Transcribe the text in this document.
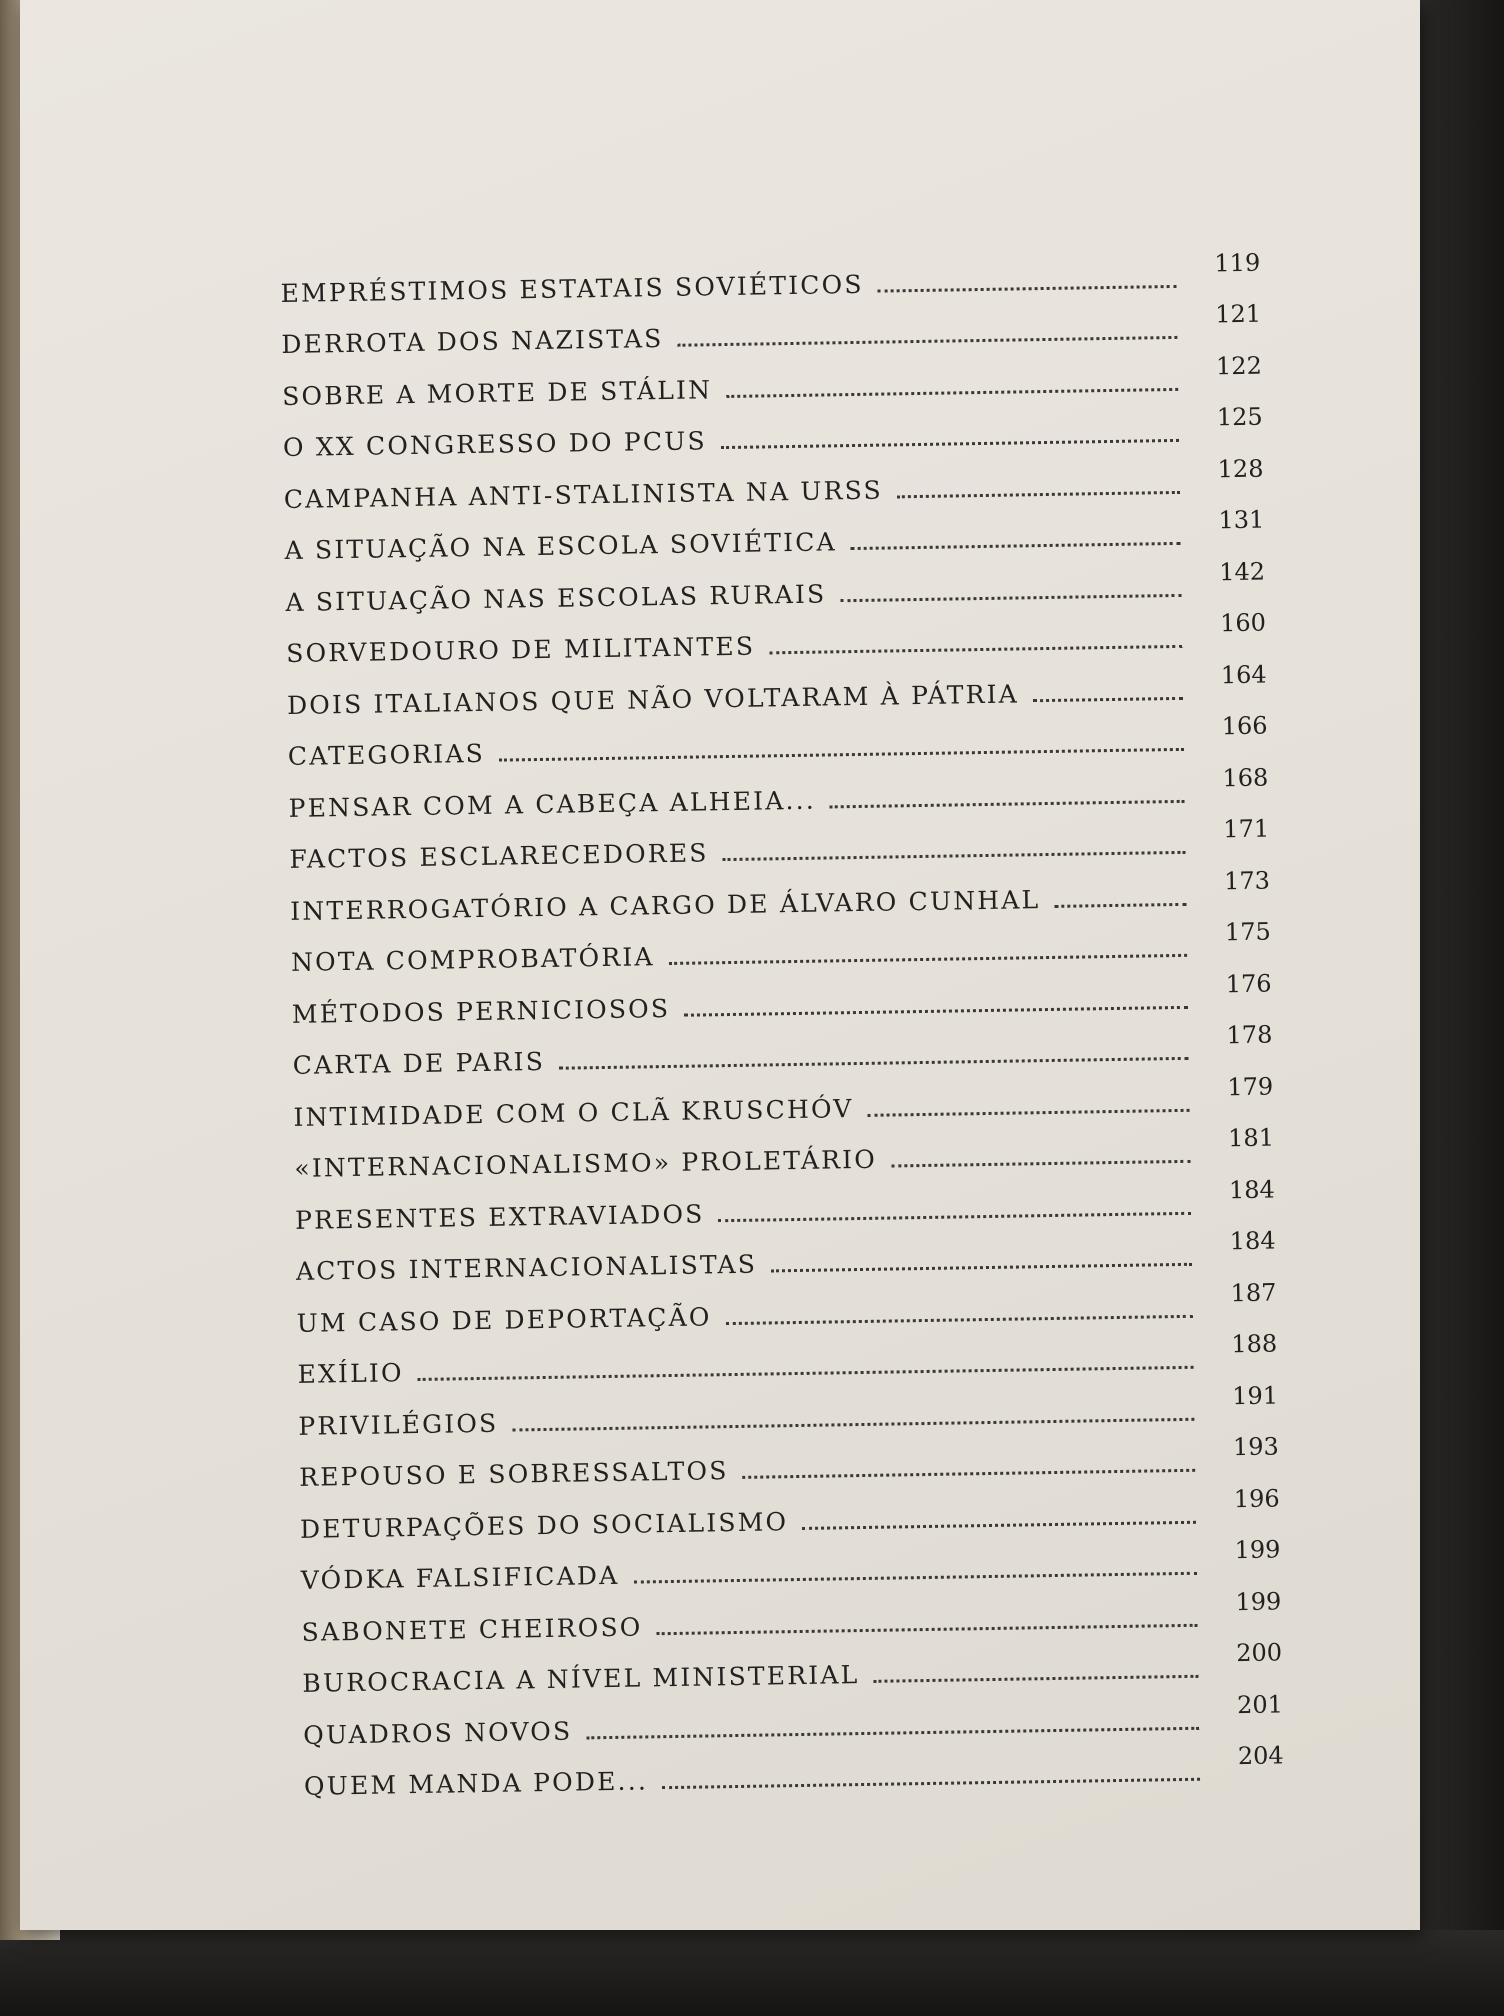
EMPRÉSTIMOS ESTATAIS SOVIÉTICOS
119
DERROTA DOS NAZISTAS
121
SOBRE A MORTE DE STÁLIN
122
O XX CONGRESSO DO PCUS
125
CAMPANHA ANTI-STALINISTA NA URSS
128
A SITUAÇÃO NA ESCOLA SOVIÉTICA
131
A SITUAÇÃO NAS ESCOLAS RURAIS
142
SORVEDOURO DE MILITANTES
160
DOIS ITALIANOS QUE NÃO VOLTARAM À PÁTRIA
164
CATEGORIAS
166
PENSAR COM A CABEÇA ALHEIA...
168
FACTOS ESCLARECEDORES
171
INTERROGATÓRIO A CARGO DE ÁLVARO CUNHAL
173
NOTA COMPROBATÓRIA
175
MÉTODOS PERNICIOSOS
176
CARTA DE PARIS
178
INTIMIDADE COM O CLÃ KRUSCHÓV
179
«INTERNACIONALISMO» PROLETÁRIO
181
PRESENTES EXTRAVIADOS
184
ACTOS INTERNACIONALISTAS
184
UM CASO DE DEPORTAÇÃO
187
EXÍLIO
188
PRIVILÉGIOS
191
REPOUSO E SOBRESSALTOS
193
DETURPAÇÕES DO SOCIALISMO
196
VÓDKA FALSIFICADA
199
SABONETE CHEIROSO
199
BUROCRACIA A NÍVEL MINISTERIAL
200
QUADROS NOVOS
201
QUEM MANDA PODE...
204
